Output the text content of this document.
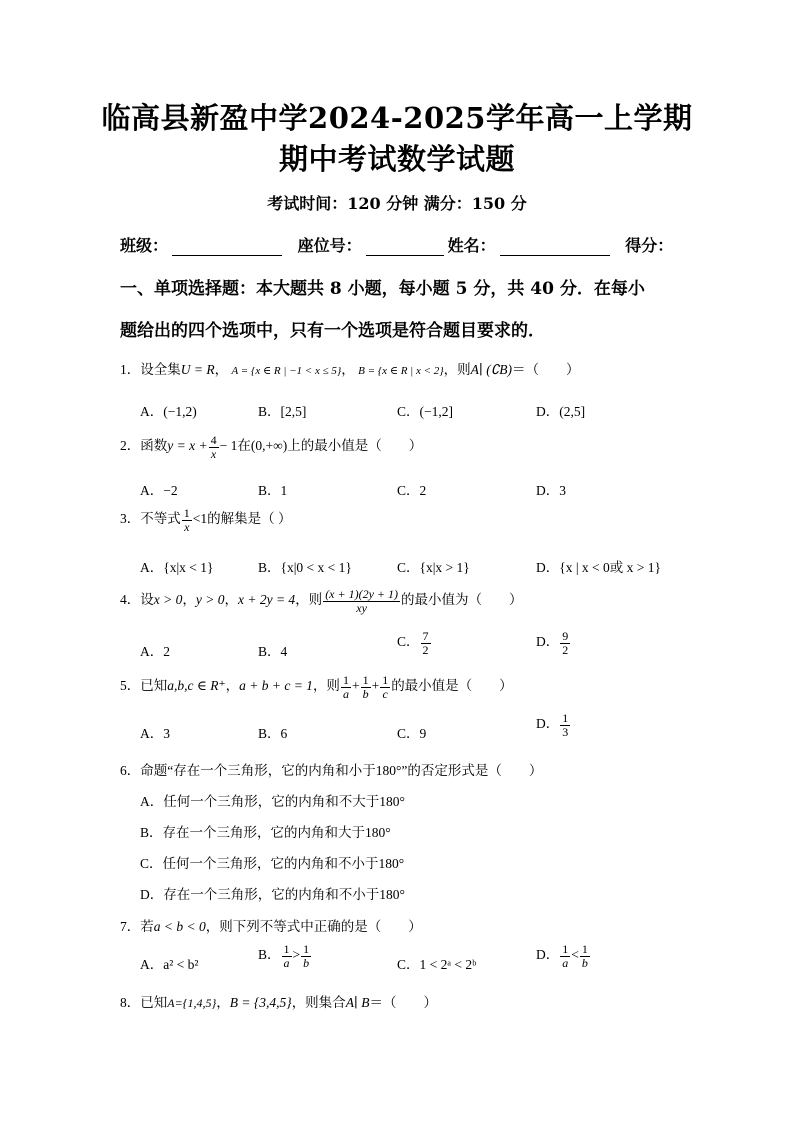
临高县新盈中学2024-2025学年高一上学期
期中考试数学试题
考试时间：120 分钟 满分：150 分
班级：	座位号：	姓名：	得分：
一、单项选择题：本大题共 8 小题，每小题 5 分，共 40 分．在每小
题给出的四个选项中，只有一个选项是符合题目要求的．
1．设全集U = R， A = {x ∈ R | −1 < x ≤ 5}， B = {x ∈ R | x < 2}，则A∣ (∁B)＝（　　）
A．(−1,2)	B．[2,5]	C．(−1,2]	D．(2,5]
2．函数$y = x + \frac{4}{x} - 1$在(0,+∞)上的最小值是（　　）
A．−2	B．1	C．2	D．3
3．不等式 $\frac{1}{x} <1$的解集是（ ）
A．{x|x < 1}	B．{x|0 < x < 1}	C．{x|x > 1}	D．{x | x < 0或 x > 1}
4．设x > 0，y > 0，x + 2y = 4，则 $\frac{(x + 1)(2y + 1)}{xy}$ 的最小值为（　　）
A．2	B．4
C． $\frac{7}{2}$	D． $\frac{9}{2}$
5．已知a,b,c ∈ R⁺，a + b + c = 1，则 $\frac{1}{a} + \frac{1}{b} + \frac{1}{c}$ 的最小值是（　　）
A．3	B．6	C．9
D． $\frac{1}{3}$
6．命题“存在一个三角形，它的内角和小于180°”的否定形式是（　　）
A．任何一个三角形，它的内角和不大于180°
B．存在一个三角形，它的内角和大于180°
C．任何一个三角形，它的内角和不小于180°
D．存在一个三角形，它的内角和不小于180°
7．若a < b < 0，则下列不等式中正确的是（　　）
A．a² < b²
B． $\frac{1}{a} > \frac{1}{b}$	C．1 < 2ᵃ < 2ᵇ
D． $\frac{1}{a} < \frac{1}{b}$
8．已知A={1,4,5}，B = {3,4,5}，则集合A∣ B＝（　　）
